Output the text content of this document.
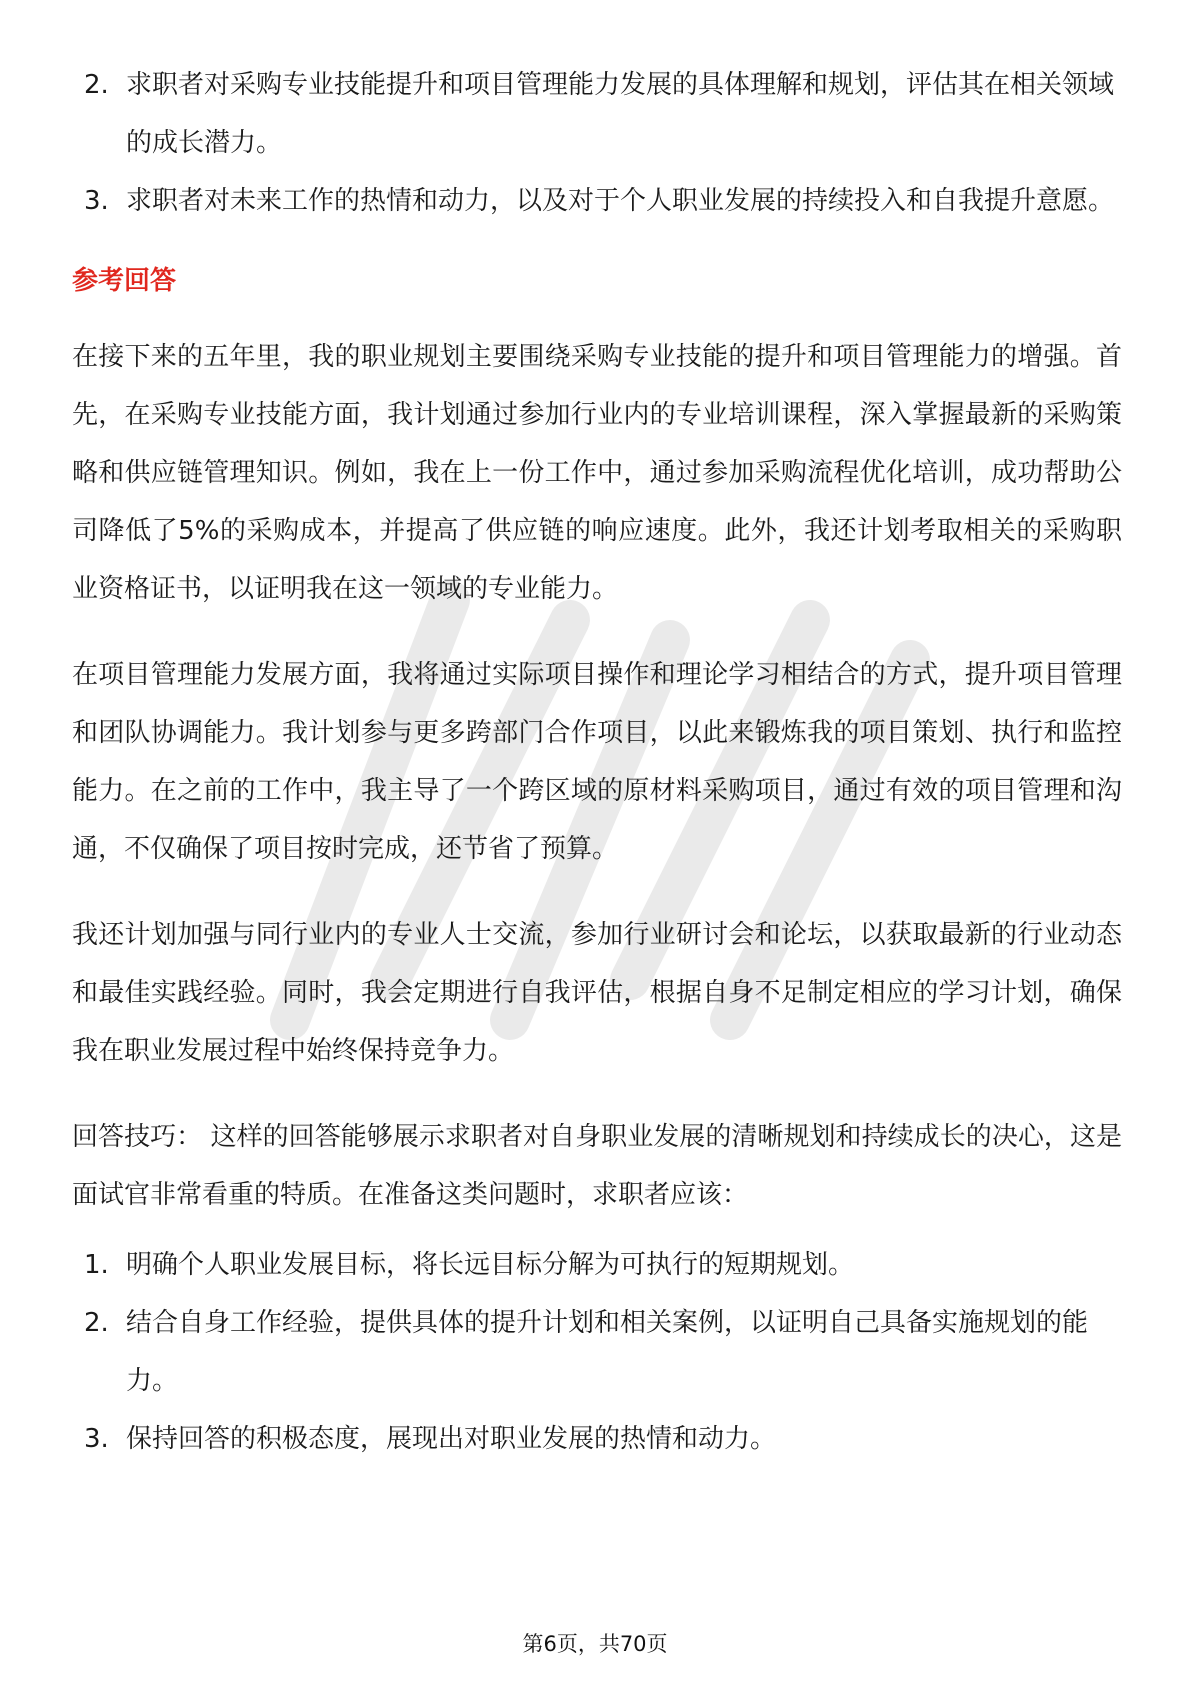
2. 求职者对采购专业技能提升和项目管理能力发展的具体理解和规划，评估其在相关领域的成长潜力。
3. 求职者对未来工作的热情和动力，以及对于个人职业发展的持续投入和自我提升意愿。
参考回答

在接下来的五年里，我的职业规划主要围绕采购专业技能的提升和项目管理能力的增强。首先，在采购专业技能方面，我计划通过参加行业内的专业培训课程，深入掌握最新的采购策略和供应链管理知识。例如，我在上一份工作中，通过参加采购流程优化培训，成功帮助公司降低了5%的采购成本，并提高了供应链的响应速度。此外，我还计划考取相关的采购职业资格证书，以证明我在这一领域的专业能力。

在项目管理能力发展方面，我将通过实际项目操作和理论学习相结合的方式，提升项目管理和团队协调能力。我计划参与更多跨部门合作项目，以此来锻炼我的项目策划、执行和监控能力。在之前的工作中，我主导了一个跨区域的原材料采购项目，通过有效的项目管理和沟通，不仅确保了项目按时完成，还节省了预算。

我还计划加强与同行业内的专业人士交流，参加行业研讨会和论坛，以获取最新的行业动态和最佳实践经验。同时，我会定期进行自我评估，根据自身不足制定相应的学习计划，确保我在职业发展过程中始终保持竞争力。

回答技巧： 这样的回答能够展示求职者对自身职业发展的清晰规划和持续成长的决心，这是面试官非常看重的特质。在准备这类问题时，求职者应该：

1. 明确个人职业发展目标，将长远目标分解为可执行的短期规划。
2. 结合自身工作经验，提供具体的提升计划和相关案例，以证明自己具备实施规划的能力。
3. 保持回答的积极态度，展现出对职业发展的热情和动力。
第6页，共70页
